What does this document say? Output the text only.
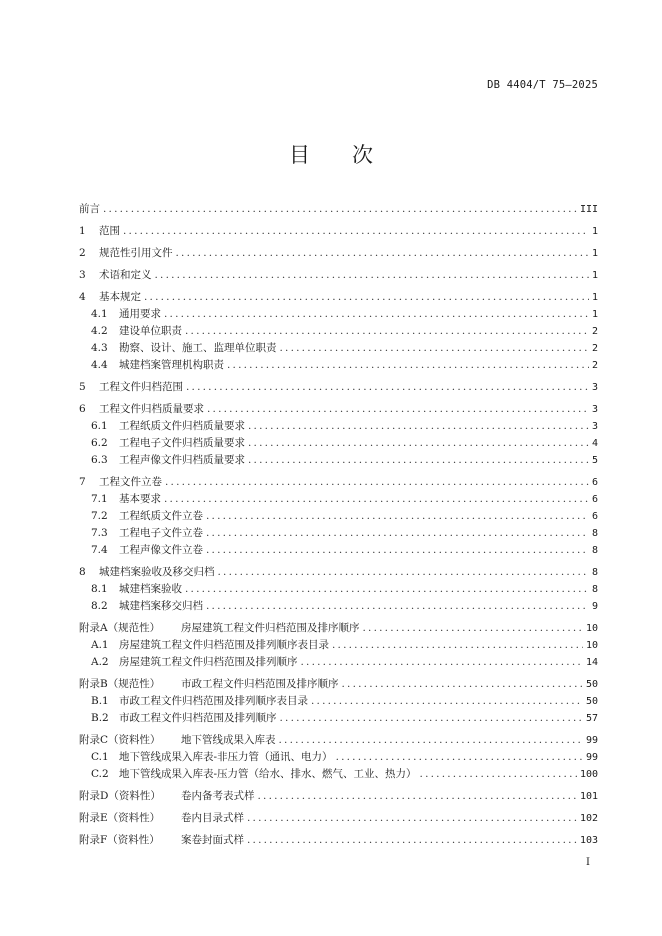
DB 4404/T 75—2025
目　　次
前言 .....	III
1	范围 .....	1
2	规范性引用文件 .....	1
3	术语和定义 .....	1
4	基本规定 .....	1
4.1	通用要求 .....	1
4.2	建设单位职责 .....	2
4.3	勘察、设计、施工、监理单位职责 .....	2
4.4	城建档案管理机构职责 .....	2
5	工程文件归档范围 .....	3
6	工程文件归档质量要求 .....	3
6.1	工程纸质文件归档质量要求 .....	3
6.2	工程电子文件归档质量要求 .....	4
6.3	工程声像文件归档质量要求 .....	5
7	工程文件立卷 .....	6
7.1	基本要求 .....	6
7.2	工程纸质文件立卷 .....	6
7.3	工程电子文件立卷 .....	8
7.4	工程声像文件立卷 .....	8
8	城建档案验收及移交归档 .....	8
8.1	城建档案验收 .....	8
8.2	城建档案移交归档 .....	9
附录A（规范性）	房屋建筑工程文件归档范围及排序顺序 .....	10
A.1 房屋建筑工程文件归档范围及排列顺序表目录 .....	10
A.2 房屋建筑工程文件归档范围及排列顺序 .....	14
附录B（规范性）	市政工程文件归档范围及排序顺序 .....	50
B.1 市政工程文件归档范围及排列顺序表目录 .....	50
B.2 市政工程文件归档范围及排列顺序 .....	57
附录C（资料性）	地下管线成果入库表 .....	99
C.1 地下管线成果入库表-非压力管（通讯、电力） .....	99
C.2 地下管线成果入库表-压力管（给水、排水、燃气、工业、热力） .....	100
附录D（资料性）	卷内备考表式样 .....	101
附录E（资料性）	卷内目录式样 .....	102
附录F（资料性）	案卷封面式样 .....	103
I
